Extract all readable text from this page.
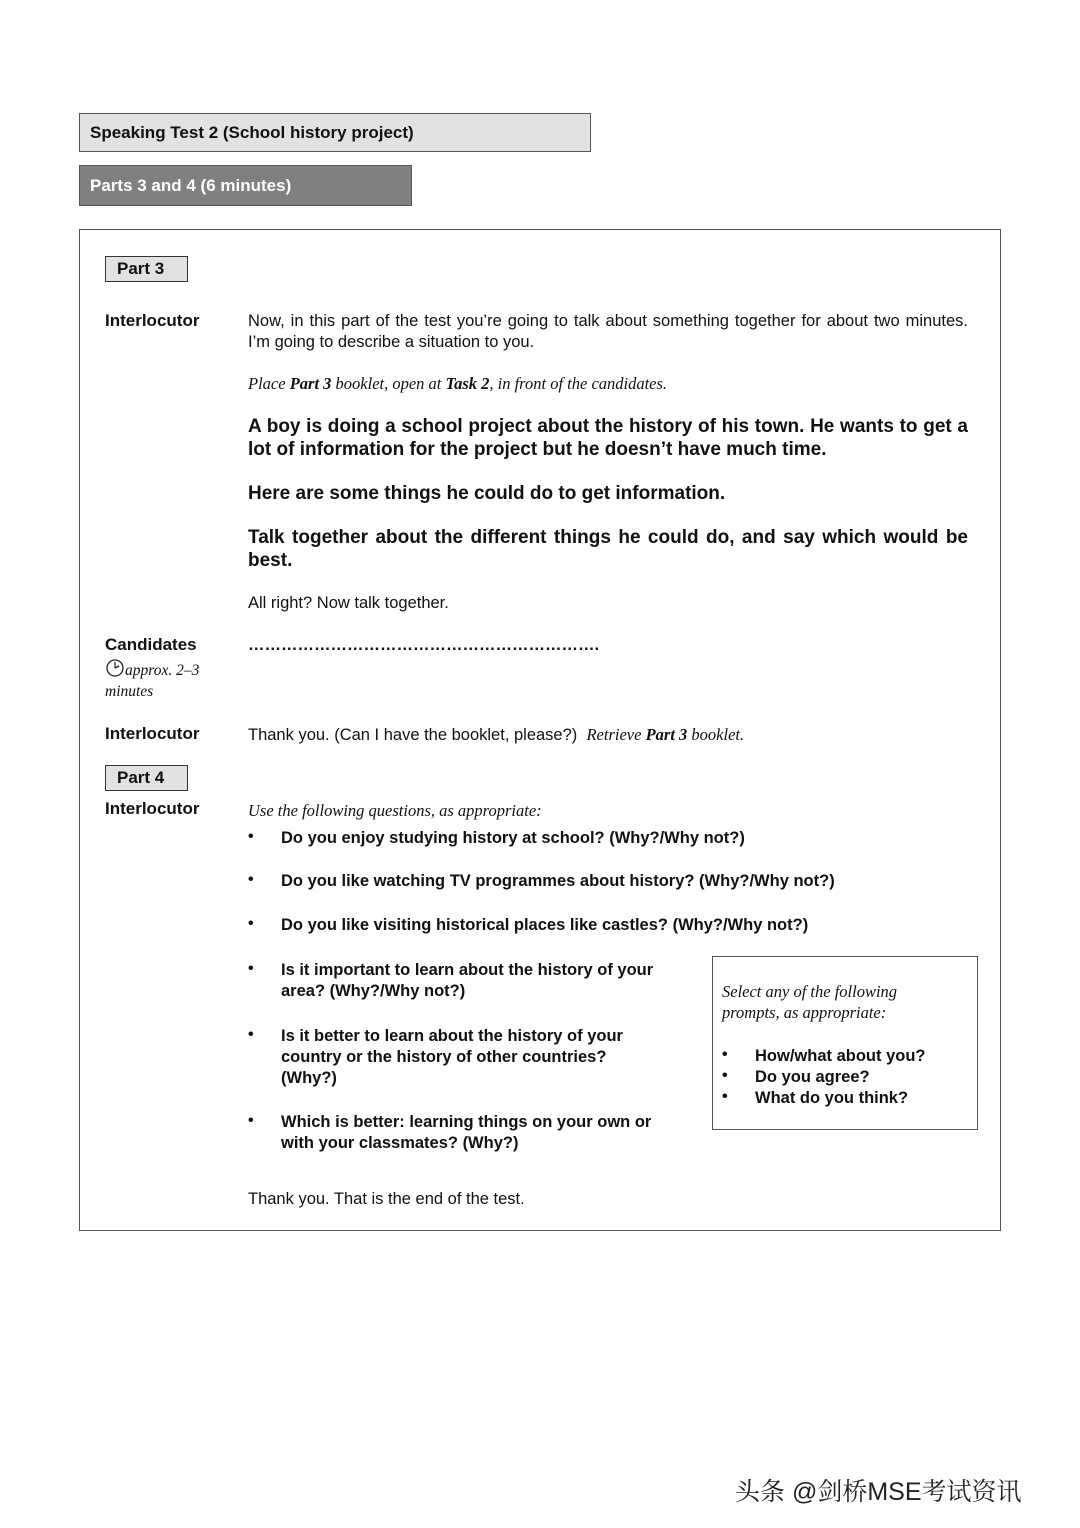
Speaking Test 2 (School history project)
Parts 3 and 4 (6 minutes)
Part 3
Interlocutor	Now, in this part of the test you’re going to talk about something together for about two minutes. I’m going to describe a situation to you.
Place Part 3 booklet, open at Task 2, in front of the candidates.
A boy is doing a school project about the history of his town. He wants to get a lot of information for the project but he doesn’t have much time.
Here are some things he could do to get information.
Talk together about the different things he could do, and say which would be best.
All right? Now talk together.
Candidates
approx. 2–3 minutes
……………………………………………………….
Interlocutor	Thank you. (Can I have the booklet, please?) Retrieve Part 3 booklet.
Part 4
Interlocutor	Use the following questions, as appropriate:
• Do you enjoy studying history at school? (Why?/Why not?)
• Do you like watching TV programmes about history? (Why?/Why not?)
• Do you like visiting historical places like castles? (Why?/Why not?)
• Is it important to learn about the history of your area? (Why?/Why not?)
• Is it better to learn about the history of your country or the history of other countries? (Why?)
• Which is better: learning things on your own or with your classmates? (Why?)
Select any of the following prompts, as appropriate:
• How/what about you?
• Do you agree?
• What do you think?
Thank you. That is the end of the test.
头条 @剑桥MSE考试资讯
